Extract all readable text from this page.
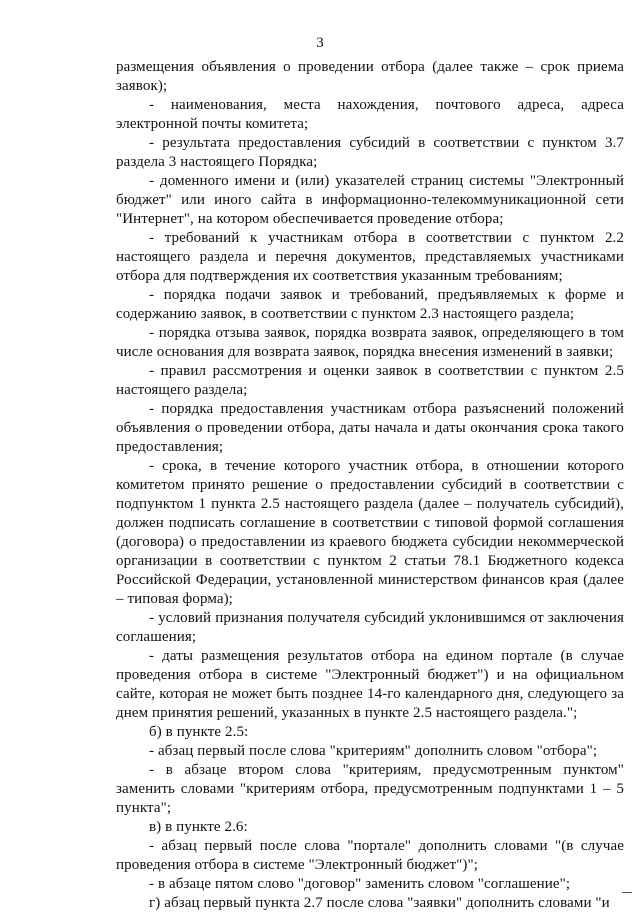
3

размещения объявления о проведении отбора (далее также – срок приема заявок);

- наименования, места нахождения, почтового адреса, адреса электронной почты комитета;

- результата предоставления субсидий в соответствии с пунктом 3.7 раздела 3 настоящего Порядка;

- доменного имени и (или) указателей страниц системы "Электронный бюджет" или иного сайта в информационно-телекоммуникационной сети "Интернет", на котором обеспечивается проведение отбора;

- требований к участникам отбора в соответствии с пунктом 2.2 настоящего раздела и перечня документов, представляемых участниками отбора для подтверждения их соответствия указанным требованиям;

- порядка подачи заявок и требований, предъявляемых к форме и содержанию заявок, в соответствии с пунктом 2.3 настоящего раздела;

- порядка отзыва заявок, порядка возврата заявок, определяющего в том числе основания для возврата заявок, порядка внесения изменений в заявки;

- правил рассмотрения и оценки заявок в соответствии с пунктом 2.5 настоящего раздела;

- порядка предоставления участникам отбора разъяснений положений объявления о проведении отбора, даты начала и даты окончания срока такого предоставления;

- срока, в течение которого участник отбора, в отношении которого комитетом принято решение о предоставлении субсидий в соответствии с подпунктом 1 пункта 2.5 настоящего раздела (далее – получатель субсидий), должен подписать соглашение в соответствии с типовой формой соглашения (договора) о предоставлении из краевого бюджета субсидии некоммерческой организации в соответствии с пунктом 2 статьи 78.1 Бюджетного кодекса Российской Федерации, установленной министерством финансов края (далее – типовая форма);

- условий признания получателя субсидий уклонившимся от заключения соглашения;

- даты размещения результатов отбора на едином портале (в случае проведения отбора в системе "Электронный бюджет") и на официальном сайте, которая не может быть позднее 14-го календарного дня, следующего за днем принятия решений, указанных в пункте 2.5 настоящего раздела.";

б) в пункте 2.5:

- абзац первый после слова "критериям" дополнить словом "отбора";

- в абзаце втором слова "критериям, предусмотренным пунктом" заменить словами "критериям отбора, предусмотренным подпунктами 1 – 5 пункта";

в) в пункте 2.6:

- абзац первый после слова "портале" дополнить словами "(в случае проведения отбора в системе "Электронный бюджет")";

- в абзаце пятом слово "договор" заменить словом "соглашение";

г) абзац первый пункта 2.7 после слова "заявки" дополнить словами "и
